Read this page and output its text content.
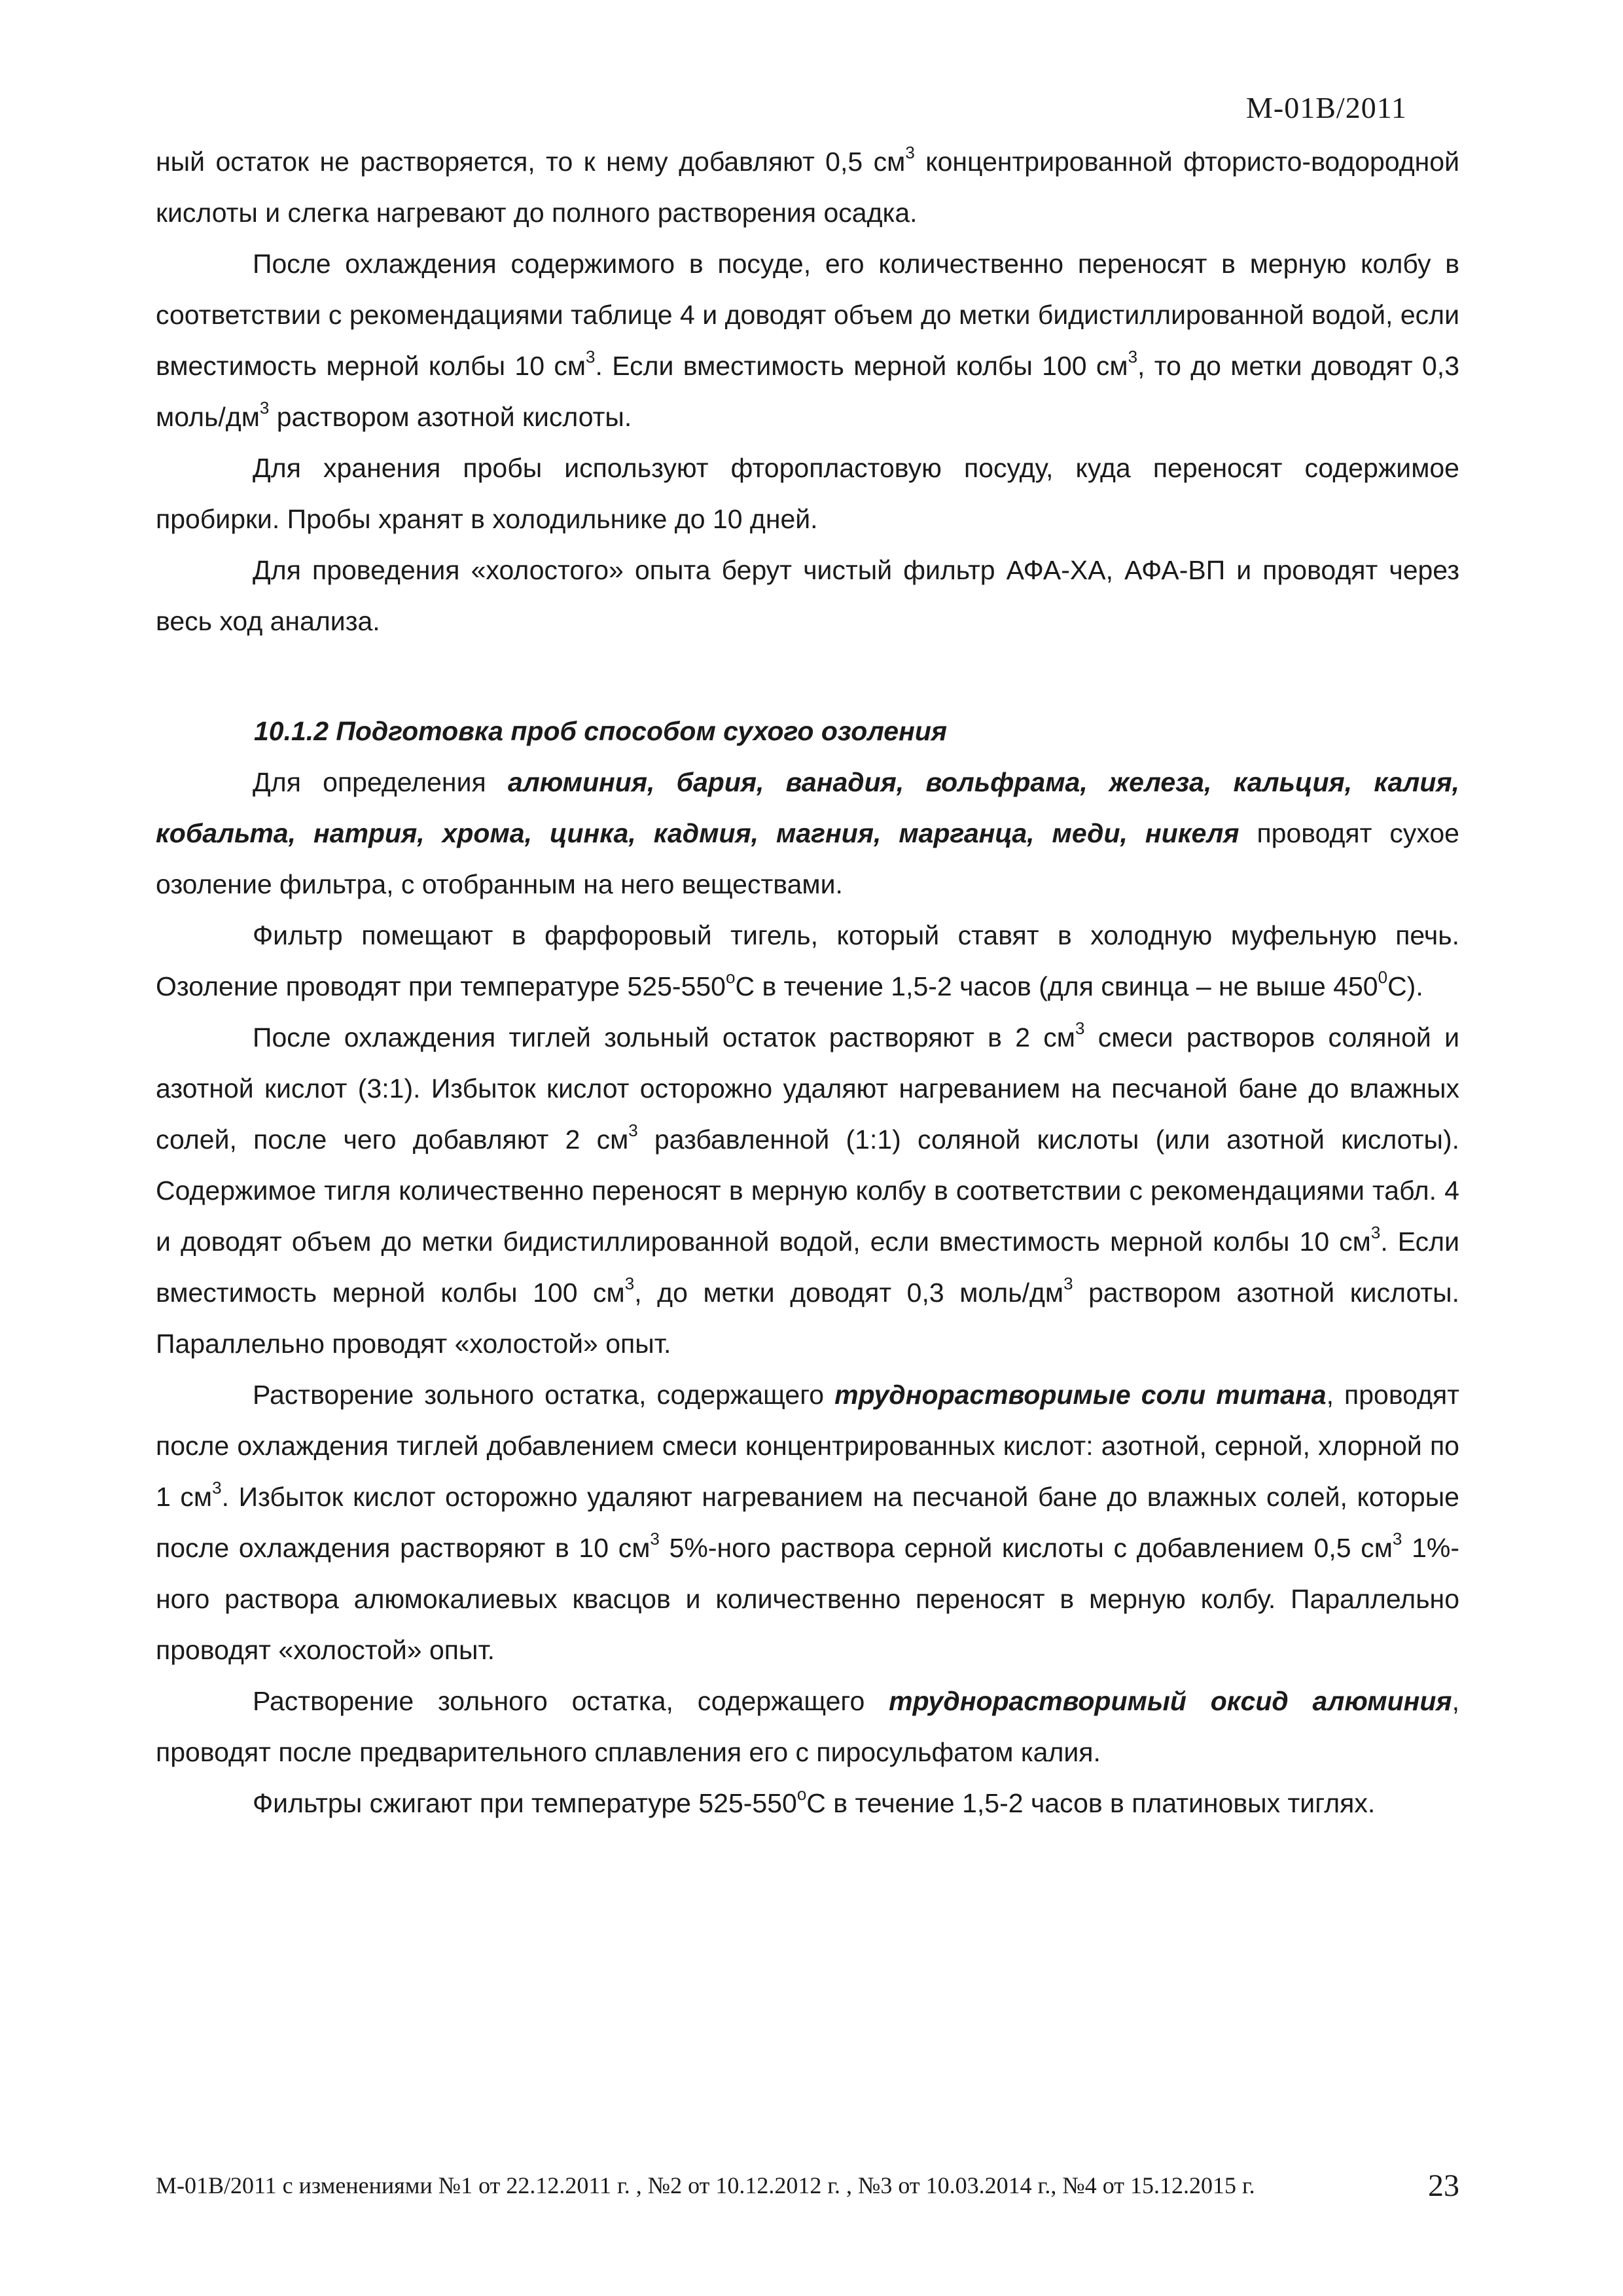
М-01В/2011

ный остаток не растворяется, то к нему добавляют 0,5 $см^3$ концентрированной фтористо-водородной кислоты и слегка нагревают до полного растворения осадка.

После охлаждения содержимого в посуде, его количественно переносят в мерную колбу в соответствии с рекомендациями таблице 4 и доводят объем до метки бидистиллированной водой, если вместимость мерной колбы 10 $см^3$. Если вместимость мерной колбы 100 $см^3$, то до метки доводят 0,3 моль/$дм^3$ раствором азотной кислоты.

Для хранения пробы используют фторопластовую посуду, куда переносят содержимое пробирки. Пробы хранят в холодильнике до 10 дней.

Для проведения «холостого» опыта берут чистый фильтр АФА-ХА, АФА-ВП и проводят через весь ход анализа.

10.1.2 Подготовка проб способом сухого озоления

Для определения алюминия, бария, ванадия, вольфрама, железа, кальция, калия, кобальта, натрия, хрома, цинка, кадмия, магния, марганца, меди, никеля проводят сухое озоление фильтра, с отобранным на него веществами.

Фильтр помещают в фарфоровый тигель, который ставят в холодную муфельную печь. Озоление проводят при температуре 525-550$^o$С в течение 1,5-2 часов (для свинца – не выше $450^0С$).

После охлаждения тиглей зольный остаток растворяют в 2 $см^3$ смеси растворов соляной и азотной кислот (3:1). Избыток кислот осторожно удаляют нагреванием на песчаной бане до влажных солей, после чего добавляют 2 $см^3$ разбавленной (1:1) соляной кислоты (или азотной кислоты). Содержимое тигля количественно переносят в мерную колбу в соответствии с рекомендациями табл. 4 и доводят объем до метки бидистиллированной водой, если вместимость мерной колбы 10 $см^3$. Если вместимость мерной колбы 100 $см^3$, до метки доводят 0,3 моль/$дм^3$ раствором азотной кислоты. Параллельно проводят «холостой» опыт.

Растворение зольного остатка, содержащего труднорастворимые соли титана, проводят после охлаждения тиглей добавлением смеси концентрированных кислот: азотной, серной, хлорной по 1 $см^3$. Избыток кислот осторожно удаляют нагреванием на песчаной бане до влажных солей, которые после охлаждения растворяют в 10 $см^3$ 5%-ного раствора серной кислоты с добавлением 0,5 $см^3$ 1%-ного раствора алюмокалиевых квасцов и количественно переносят в мерную колбу. Параллельно проводят «холостой» опыт.

Растворение зольного остатка, содержащего труднорастворимый оксид алюминия, проводят после предварительного сплавления его с пиросульфатом калия.

Фильтры сжигают при температуре 525-550$^o$С в течение 1,5-2 часов в платиновых тиглях.

М-01В/2011 с изменениями №1 от 22.12.2011 г. , №2 от 10.12.2012 г. , №3 от 10.03.2014 г., №4 от 15.12.2015 г.	23
